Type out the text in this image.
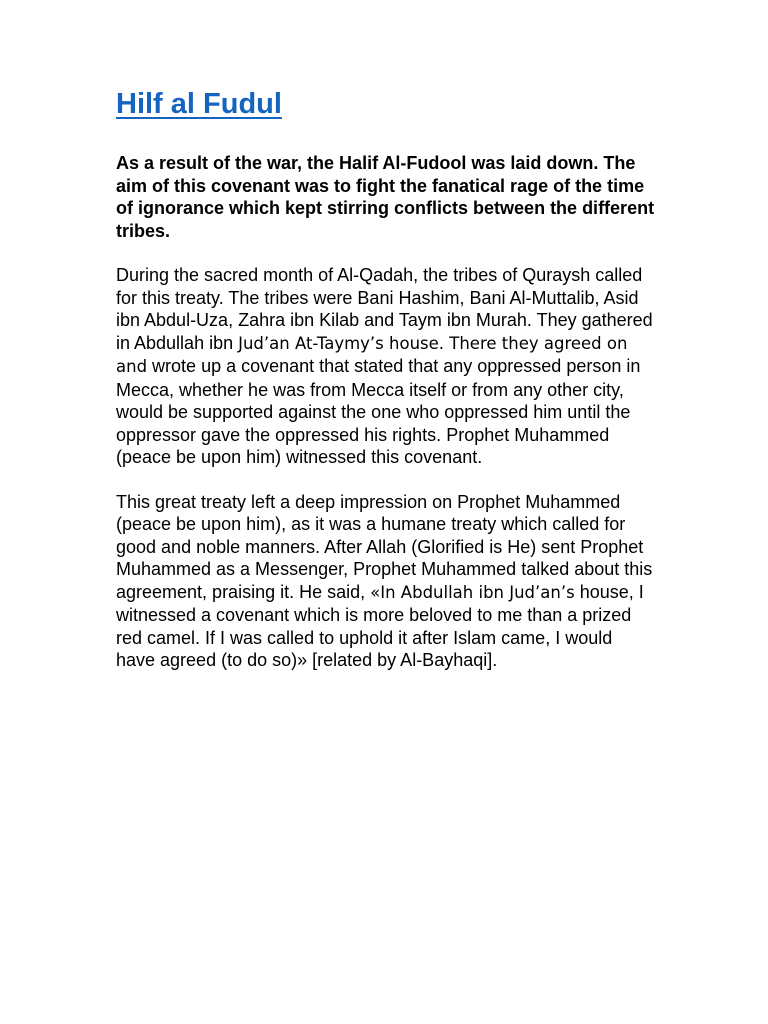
Hilf al Fudul

As a result of the war, the Halif Al-Fudool was laid down. The aim of this covenant was to fight the fanatical rage of the time of ignorance which kept stirring conflicts between the different tribes.

During the sacred month of Al-Qadah, the tribes of Quraysh called for this treaty. The tribes were Bani Hashim, Bani Al-Muttalib, Asid ibn Abdul-Uza, Zahra ibn Kilab and Taym ibn Murah. They gathered in Abdullah ibn Jud’an At-Taymy’s house. There they agreed on and wrote up a covenant that stated that any oppressed person in Mecca, whether he was from Mecca itself or from any other city, would be supported against the one who oppressed him until the oppressor gave the oppressed his rights. Prophet Muhammed (peace be upon him) witnessed this covenant.

This great treaty left a deep impression on Prophet Muhammed (peace be upon him), as it was a humane treaty which called for good and noble manners. After Allah (Glorified is He) sent Prophet Muhammed as a Messenger, Prophet Muhammed talked about this agreement, praising it. He said, «In Abdullah ibn Jud’an’s house, I witnessed a covenant which is more beloved to me than a prized red camel. If I was called to uphold it after Islam came, I would have agreed (to do so)» [related by Al-Bayhaqi].
